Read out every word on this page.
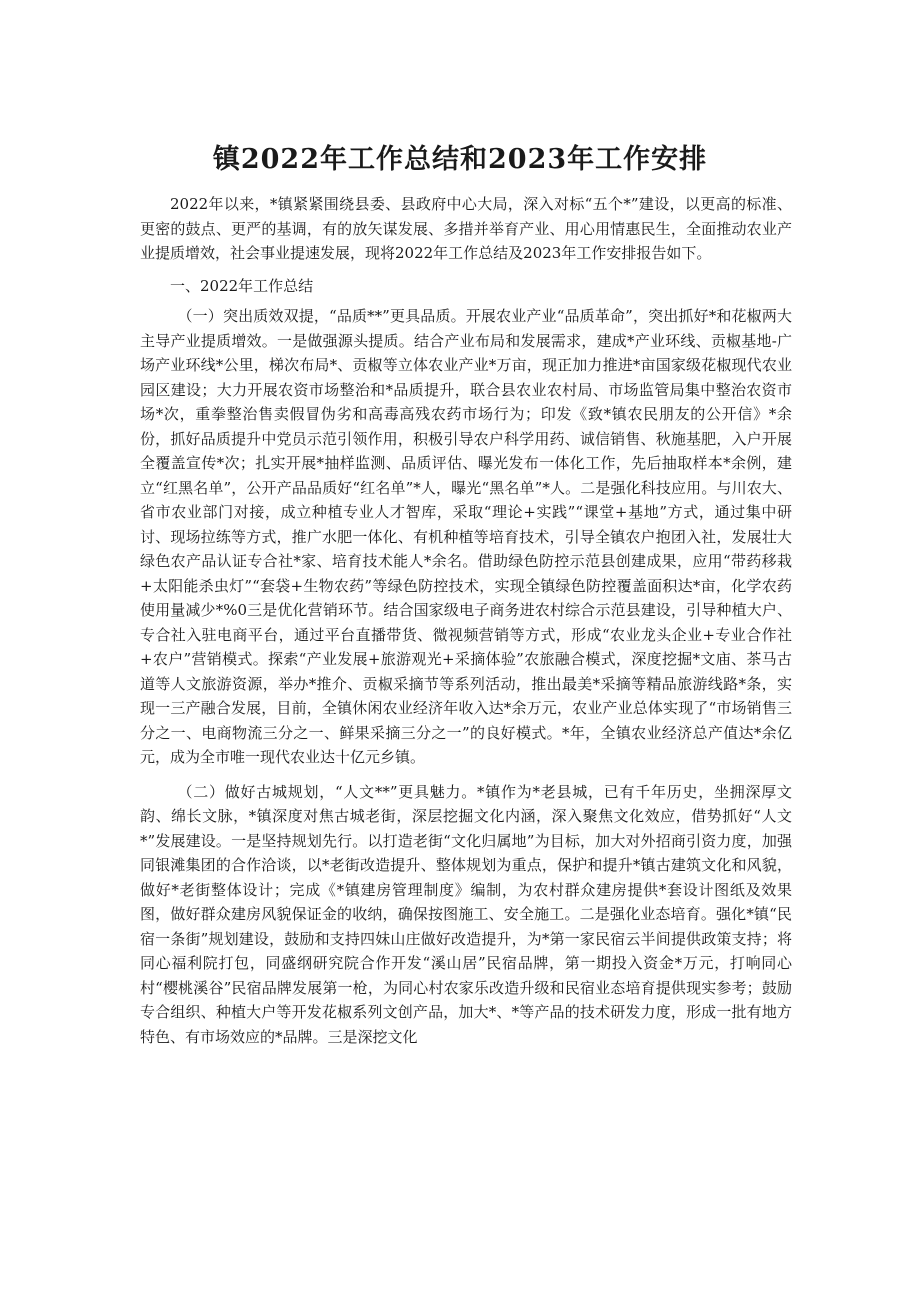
镇2022年工作总结和2023年工作安排

2022年以来，*镇紧紧围绕县委、县政府中心大局，深入对标“五个*”建设，以更高的标准、更密的鼓点、更严的基调，有的放矢谋发展、多措并举育产业、用心用情惠民生，全面推动农业产业提质增效，社会事业提速发展，现将2022年工作总结及2023年工作安排报告如下。

一、2022年工作总结

（一）突出质效双提，“品质**”更具品质。开展农业产业“品质革命”，突出抓好*和花椒两大主导产业提质增效。一是做强源头提质。结合产业布局和发展需求，建成*产业环线、贡椒基地-广场产业环线*公里，梯次布局*、贡椒等立体农业产业*万亩，现正加力推进*亩国家级花椒现代农业园区建设；大力开展农资市场整治和*品质提升，联合县农业农村局、市场监管局集中整治农资市场*次，重拳整治售卖假冒伪劣和高毒高残农药市场行为；印发《致*镇农民朋友的公开信》*余份，抓好品质提升中党员示范引领作用，积极引导农户科学用药、诚信销售、秋施基肥，入户开展全覆盖宣传*次；扎实开展*抽样监测、品质评估、曝光发布一体化工作，先后抽取样本*余例，建立“红黑名单”，公开产品品质好“红名单”*人，曝光“黑名单”*人。二是强化科技应用。与川农大、省市农业部门对接，成立种植专业人才智库，采取“理论+实践”“课堂+基地”方式，通过集中研讨、现场拉练等方式，推广水肥一体化、有机种植等培育技术，引导全镇农户抱团入社，发展壮大绿色农产品认证专合社*家、培育技术能人*余名。借助绿色防控示范县创建成果，应用“带药移栽+太阳能杀虫灯”“套袋+生物农药”等绿色防控技术，实现全镇绿色防控覆盖面积达*亩，化学农药使用量减少*%0三是优化营销环节。结合国家级电子商务进农村综合示范县建设，引导种植大户、专合社入驻电商平台，通过平台直播带货、微视频营销等方式，形成“农业龙头企业+专业合作社+农户”营销模式。探索“产业发展+旅游观光+采摘体验”农旅融合模式，深度挖掘*文庙、茶马古道等人文旅游资源，举办*推介、贡椒采摘节等系列活动，推出最美*采摘等精品旅游线路*条，实现一三产融合发展，目前，全镇休闲农业经济年收入达*余万元，农业产业总体实现了“市场销售三分之一、电商物流三分之一、鲜果采摘三分之一”的良好模式。*年，全镇农业经济总产值达*余亿元，成为全市唯一现代农业达十亿元乡镇。

（二）做好古城规划，“人文**”更具魅力。*镇作为*老县城，已有千年历史，坐拥深厚文韵、绵长文脉，*镇深度对焦古城老街，深层挖掘文化内涵，深入聚焦文化效应，借势抓好“人文*”发展建设。一是坚持规划先行。以打造老街“文化归属地”为目标，加大对外招商引资力度，加强同银滩集团的合作洽谈，以*老街改造提升、整体规划为重点，保护和提升*镇古建筑文化和风貌，做好*老街整体设计；完成《*镇建房管理制度》编制，为农村群众建房提供*套设计图纸及效果图，做好群众建房风貌保证金的收纳，确保按图施工、安全施工。二是强化业态培育。强化*镇“民宿一条街”规划建设，鼓励和支持四妹山庄做好改造提升，为*第一家民宿云半间提供政策支持；将同心福利院打包，同盛纲研究院合作开发“溪山居”民宿品牌，第一期投入资金*万元，打响同心村“樱桃溪谷”民宿品牌发展第一枪，为同心村农家乐改造升级和民宿业态培育提供现实参考；鼓励专合组织、种植大户等开发花椒系列文创产品，加大*、*等产品的技术研发力度，形成一批有地方特色、有市场效应的*品牌。三是深挖文化
